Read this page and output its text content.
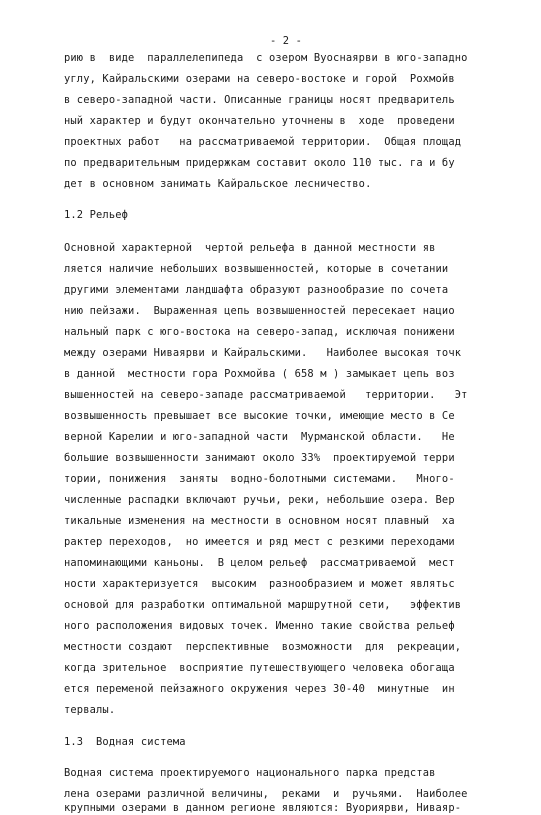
- 2 -
рию в  виде  параллелепипеда  с озером Вуоснаярви в юго-западно
углу, Кайральскими озерами на северо-востоке и горой  Рохмойв
в северо-западной части. Описанные границы носят предваритель
ный характер и будут окончательно уточнены в  ходе  проведени
проектных работ   на рассматриваемой территории.  Общая площад
по предварительным придержкам составит около 110 тыс. га и бу
дет в основном занимать Кайральское лесничество.
1.2 Рельеф
Основной характерной  чертой рельефа в данной местности яв
ляется наличие небольших возвышенностей, которые в сочетании
другими элементами ландшафта образуют разнообразие по сочета
нию пейзажи.  Выраженная цепь возвышенностей пересекает нацио
нальный парк с юго-востока на северо-запад, исключая понижени
между озерами Ниваярви и Кайральскими.   Наиболее высокая точк
в данной  местности гора Рохмойва ( 658 м ) замыкает цепь воз
вышенностей на северо-западе рассматриваемой   территории.   Эт
возвышенность превышает все высокие точки, имеющие место в Се
верной Карелии и юго-западной части  Мурманской области.   Не
большие возвышенности занимают около 33%  проектируемой терри
тории, понижения  заняты  водно-болотными системами.   Много-
численные распадки включают ручьи, реки, небольшие озера. Вер
тикальные изменения на местности в основном носят плавный  ха
рактер переходов,  но имеется и ряд мест с резкими переходами
напоминающими каньоны.  В целом рельеф  рассматриваемой  мест
ности характеризуется  высоким  разнообразием и может являтьс
основой для разработки оптимальной маршрутной сети,   эффектив
ного расположения видовых точек. Именно такие свойства рельеф
местности создают  перспективные  возможности  для  рекреации,
когда зрительное  восприятие путешествующего человека обогаща
ется переменой пейзажного окружения через 30-40  минутные  ин
тервалы.
1.3  Водная система
Водная система проектируемого национального парка представ
лена озерами различной величины,  реками  и  ручьями.  Наиболее
крупными озерами в данном регионе являются: Вуориярви, Нивaяр-
